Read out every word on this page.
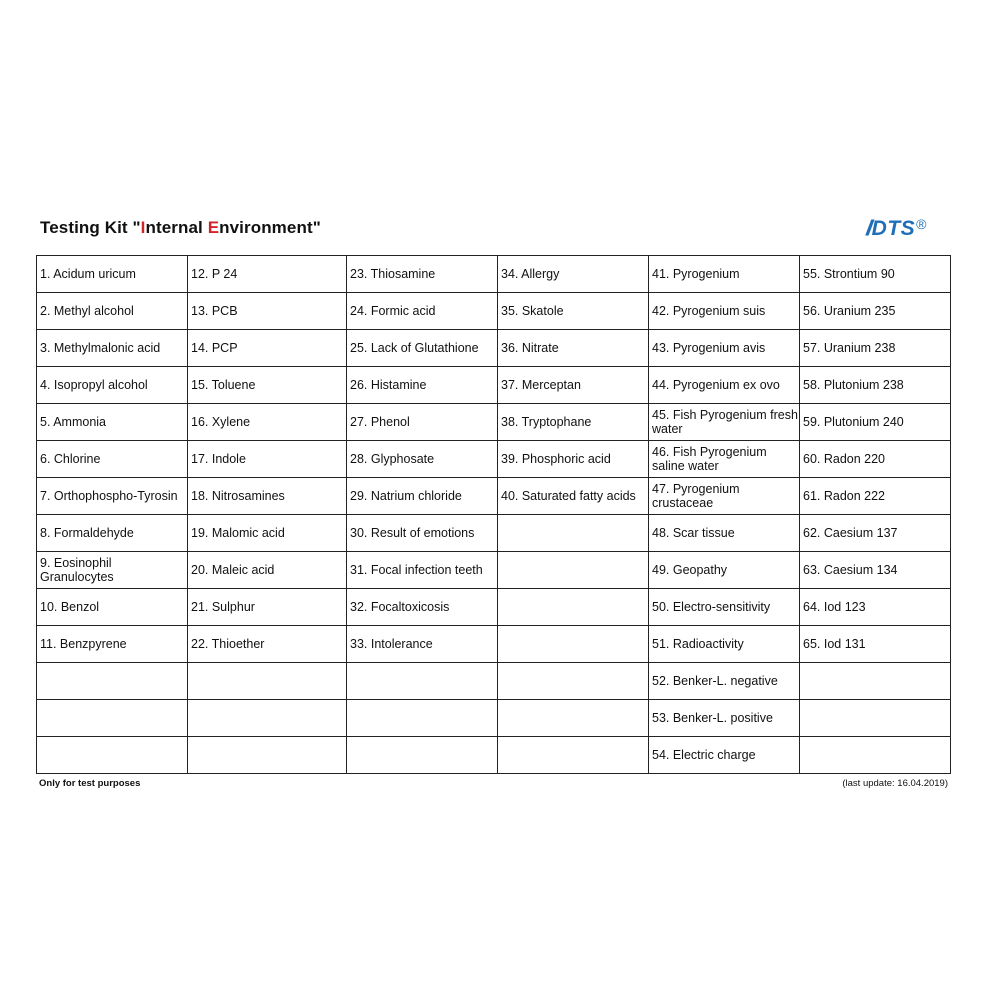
Testing Kit "Internal Environment"	// DTS ®
1. Acidum uricum	12. P 24	23. Thiosamine	34. Allergy	41. Pyrogenium	55. Strontium 90
2. Methyl alcohol	13. PCB	24. Formic acid	35. Skatole	42. Pyrogenium suis	56. Uranium 235
3. Methylmalonic acid	14. PCP	25. Lack of Glutathione	36. Nitrate	43. Pyrogenium avis	57. Uranium 238
4. Isopropyl alcohol	15. Toluene	26. Histamine	37. Merceptan	44. Pyrogenium ex ovo	58. Plutonium 238
5. Ammonia	16. Xylene	27. Phenol	38. Tryptophane	45. Fish Pyrogenium fresh water	59. Plutonium 240
6. Chlorine	17. Indole	28. Glyphosate	39. Phosphoric acid	46. Fish Pyrogenium saline water	60. Radon 220
7. Orthophospho-Tyrosin	18. Nitrosamines	29. Natrium chloride	40. Saturated fatty acids	47. Pyrogenium crustaceae	61. Radon 222
8. Formaldehyde	19. Malomic acid	30. Result of emotions		48. Scar tissue	62. Caesium 137
9. Eosinophil Granulocytes	20. Maleic acid	31. Focal infection teeth		49. Geopathy	63. Caesium 134
10. Benzol	21. Sulphur	32. Focaltoxicosis		50. Electro-sensitivity	64. Iod 123
11. Benzpyrene	22. Thioether	33. Intolerance		51. Radioactivity	65. Iod 131
				52. Benker-L. negative	
				53. Benker-L. positive	
				54. Electric charge	
Only for test purposes	(last update: 16.04.2019)
